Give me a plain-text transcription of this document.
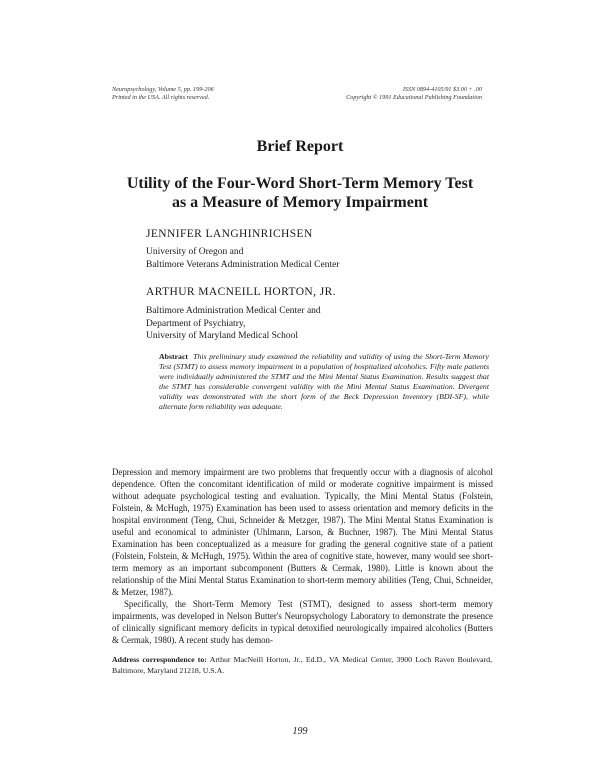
Neuropsychology, Volume 5, pp. 199-206
Printed in the USA. All rights reserved.
ISSN 0894-4105/91 $3.00 + .00
Copyright © 1991 Educational Publishing Foundation
Brief Report
Utility of the Four-Word Short-Term Memory Test
as a Measure of Memory Impairment
JENNIFER LANGHINRICHSEN
University of Oregon and
Baltimore Veterans Administration Medical Center
ARTHUR MACNEILL HORTON, JR.
Baltimore Administration Medical Center and
Department of Psychiatry,
University of Maryland Medical School
Abstract This preliminary study examined the reliability and validity of using the Short-Term Memory Test (STMT) to assess memory impairment in a population of hospitalized alcoholics. Fifty male patients were individually administered the STMT and the Mini Mental Status Examination. Results suggest that the STMT has considerable convergent validity with the Mini Mental Status Examination. Divergent validity was demonstrated with the short form of the Beck Depression Inventory (BDI-SF), while alternate form reliability was adequate.

Depression and memory impairment are two problems that frequently occur with a diagnosis of alcohol dependence. Often the concomitant identification of mild or moderate cognitive impairment is missed without adequate psychological testing and evaluation. Typically, the Mini Mental Status (Folstein, Folstein, & McHugh, 1975) Examination has been used to assess orientation and memory deficits in the hospital environment (Teng, Chui, Schneider & Metzger, 1987). The Mini Mental Status Examination is useful and economical to administer (Uhlmann, Larson, & Buchner, 1987). The Mini Mental Status Examination has been conceptualized as a measure for grading the general cognitive state of a patient (Folstein, Folstein, & McHugh, 1975). Within the area of cognitive state, however, many would see short-term memory as an important subcomponent (Butters & Cermak, 1980). Little is known about the relationship of the Mini Mental Status Examination to short-term memory abilities (Teng, Chui, Schneider, & Metzer, 1987).

Specifically, the Short-Term Memory Test (STMT), designed to assess short-term memory impairments, was developed in Nelson Butter's Neuropsychology Laboratory to demonstrate the presence of clinically significant memory deficits in typical detoxified neurologically impaired alcoholics (Butters & Cermak, 1980). A recent study has demon-

Address correspondence to: Arthur MacNeill Horton, Jr., Ed.D., VA Medical Center, 3900 Loch Raven Boulevard, Baltimore, Maryland 21218, U.S.A.
199
